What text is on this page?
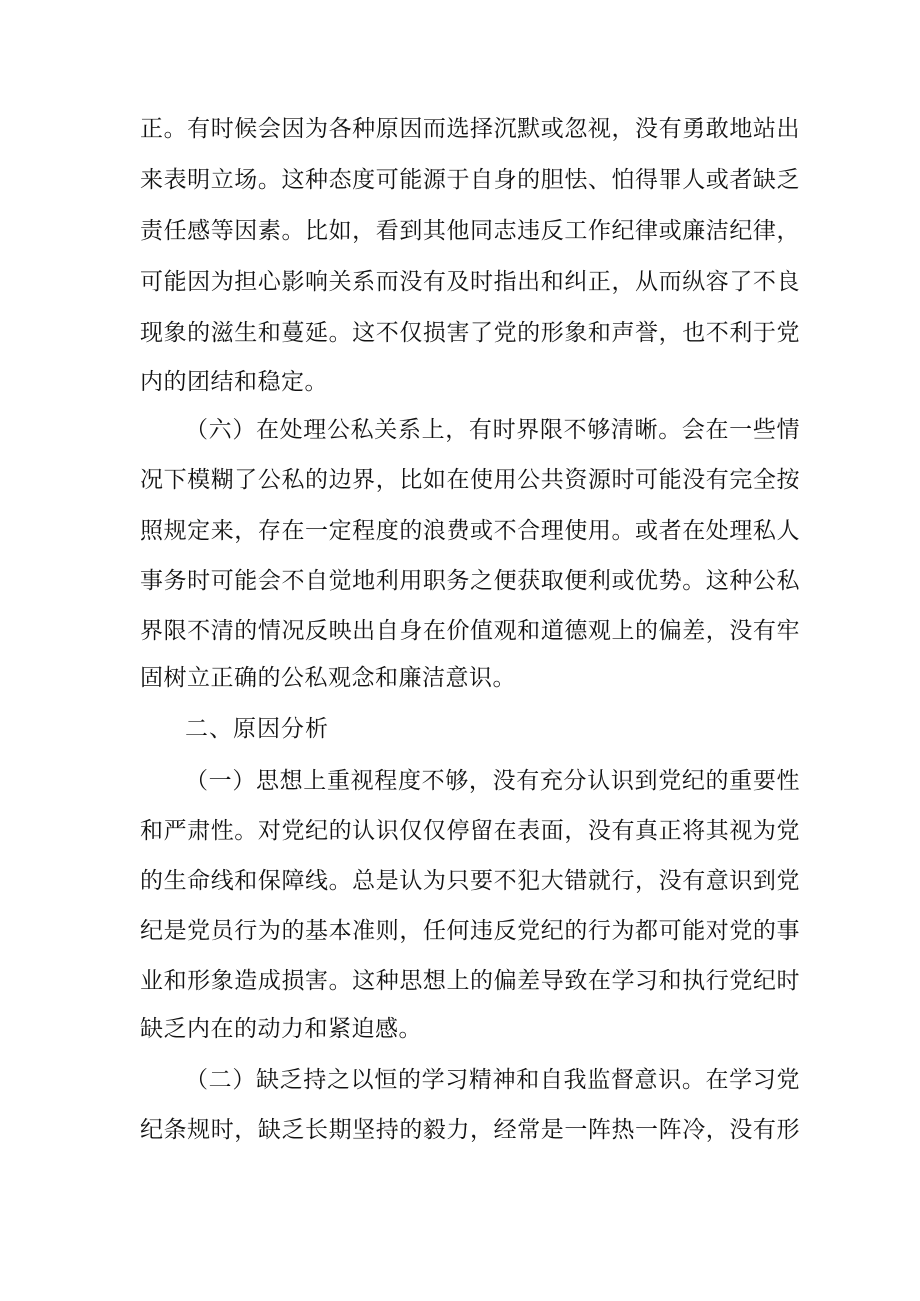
正。有时候会因为各种原因而选择沉默或忽视，没有勇敢地站出
来表明立场。这种态度可能源于自身的胆怯、怕得罪人或者缺乏
责任感等因素。比如，看到其他同志违反工作纪律或廉洁纪律，
可能因为担心影响关系而没有及时指出和纠正，从而纵容了不良
现象的滋生和蔓延。这不仅损害了党的形象和声誉，也不利于党
内的团结和稳定。
（六）在处理公私关系上，有时界限不够清晰。会在一些情
况下模糊了公私的边界，比如在使用公共资源时可能没有完全按
照规定来，存在一定程度的浪费或不合理使用。或者在处理私人
事务时可能会不自觉地利用职务之便获取便利或优势。这种公私
界限不清的情况反映出自身在价值观和道德观上的偏差，没有牢
固树立正确的公私观念和廉洁意识。
二、原因分析
（一）思想上重视程度不够，没有充分认识到党纪的重要性
和严肃性。对党纪的认识仅仅停留在表面，没有真正将其视为党
的生命线和保障线。总是认为只要不犯大错就行，没有意识到党
纪是党员行为的基本准则，任何违反党纪的行为都可能对党的事
业和形象造成损害。这种思想上的偏差导致在学习和执行党纪时
缺乏内在的动力和紧迫感。
（二）缺乏持之以恒的学习精神和自我监督意识。在学习党
纪条规时，缺乏长期坚持的毅力，经常是一阵热一阵冷，没有形
